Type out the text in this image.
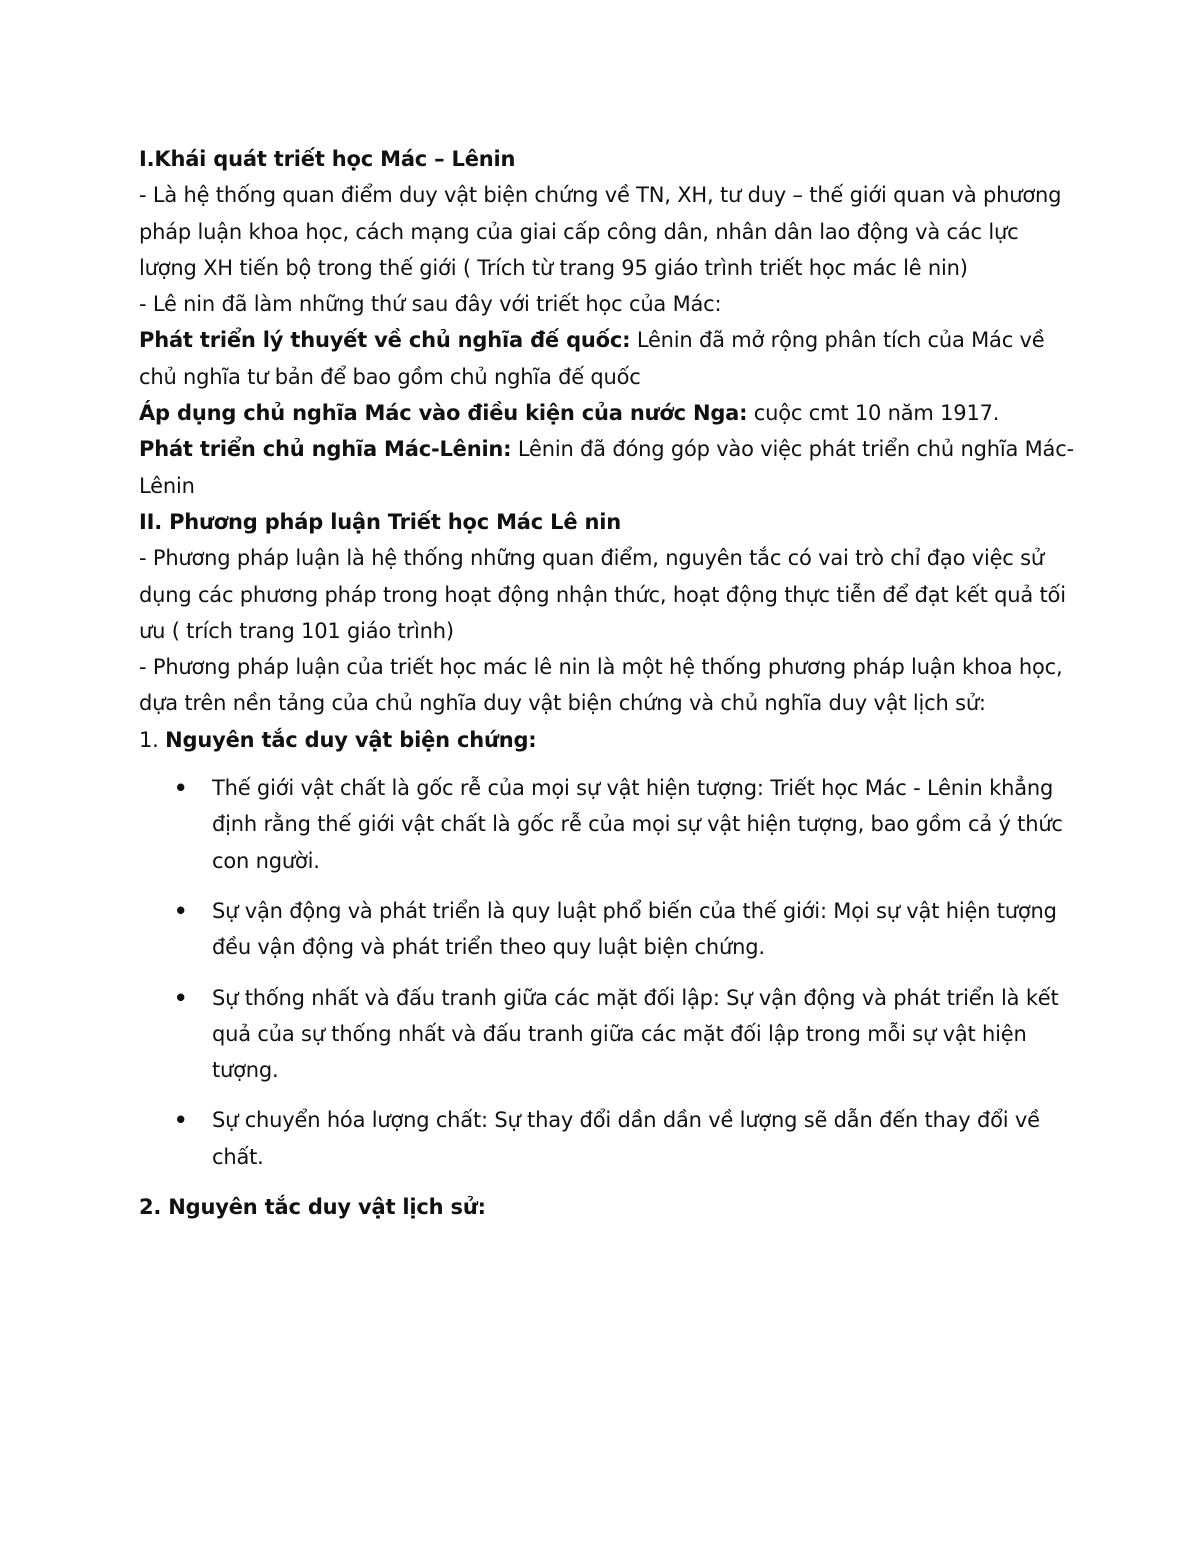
I.Khái quát triết học Mác – Lênin

- Là hệ thống quan điểm duy vật biện chứng về TN, XH, tư duy – thế giới quan và phương pháp luận khoa học, cách mạng của giai cấp công dân, nhân dân lao động và các lực lượng XH tiến bộ trong thế giới ( Trích từ trang 95 giáo trình triết học mác lê nin)

- Lê nin đã làm những thứ sau đây với triết học của Mác:

Phát triển lý thuyết về chủ nghĩa đế quốc: Lênin đã mở rộng phân tích của Mác về chủ nghĩa tư bản để bao gồm chủ nghĩa đế quốc

Áp dụng chủ nghĩa Mác vào điều kiện của nước Nga: cuộc cmt 10 năm 1917.

Phát triển chủ nghĩa Mác-Lênin: Lênin đã đóng góp vào việc phát triển chủ nghĩa Mác-Lênin

II. Phương pháp luận Triết học Mác Lê nin

- Phương pháp luận là hệ thống những quan điểm, nguyên tắc có vai trò chỉ đạo việc sử dụng các phương pháp trong hoạt động nhận thức, hoạt động thực tiễn để đạt kết quả tối ưu ( trích trang 101 giáo trình)

- Phương pháp luận của triết học mác lê nin là một hệ thống phương pháp luận khoa học, dựa trên nền tảng của chủ nghĩa duy vật biện chứng và chủ nghĩa duy vật lịch sử:

1. Nguyên tắc duy vật biện chứng:

• Thế giới vật chất là gốc rễ của mọi sự vật hiện tượng: Triết học Mác - Lênin khẳng định rằng thế giới vật chất là gốc rễ của mọi sự vật hiện tượng, bao gồm cả ý thức con người.
• Sự vận động và phát triển là quy luật phổ biến của thế giới: Mọi sự vật hiện tượng đều vận động và phát triển theo quy luật biện chứng.
• Sự thống nhất và đấu tranh giữa các mặt đối lập: Sự vận động và phát triển là kết quả của sự thống nhất và đấu tranh giữa các mặt đối lập trong mỗi sự vật hiện tượng.
• Sự chuyển hóa lượng chất: Sự thay đổi dần dần về lượng sẽ dẫn đến thay đổi về chất.

2. Nguyên tắc duy vật lịch sử:
